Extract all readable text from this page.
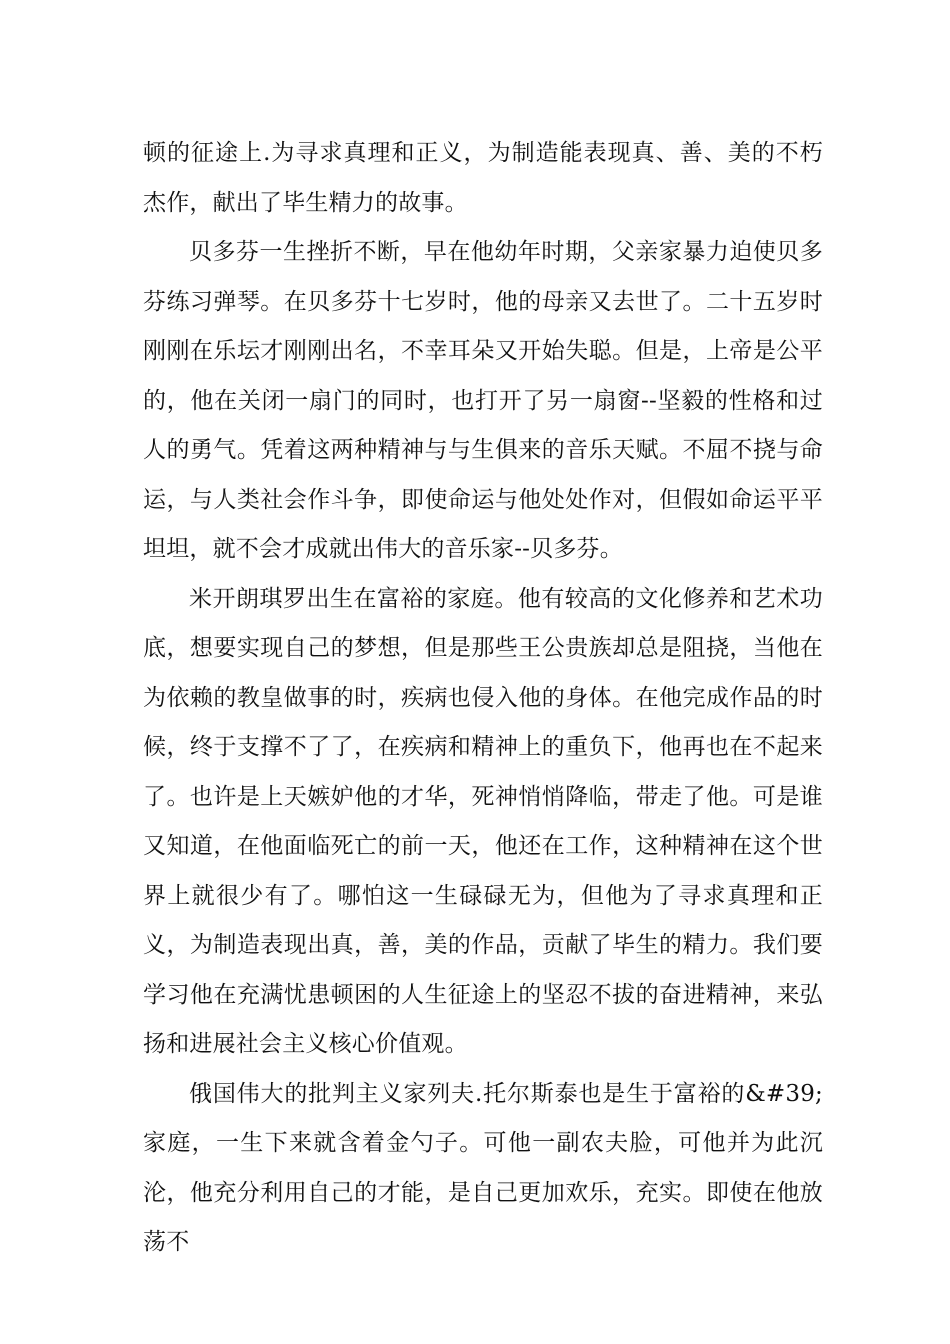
顿的征途上.为寻求真理和正义，为制造能表现真、善、美的不朽杰作，献出了毕生精力的故事。

贝多芬一生挫折不断，早在他幼年时期，父亲家暴力迫使贝多芬练习弹琴。在贝多芬十七岁时，他的母亲又去世了。二十五岁时刚刚在乐坛才刚刚出名，不幸耳朵又开始失聪。但是，上帝是公平的，他在关闭一扇门的同时，也打开了另一扇窗--坚毅的性格和过人的勇气。凭着这两种精神与与生俱来的音乐天赋。不屈不挠与命运，与人类社会作斗争，即使命运与他处处作对，但假如命运平平坦坦，就不会才成就出伟大的音乐家--贝多芬。

米开朗琪罗出生在富裕的家庭。他有较高的文化修养和艺术功底，想要实现自己的梦想，但是那些王公贵族却总是阻挠，当他在为依赖的教皇做事的时，疾病也侵入他的身体。在他完成作品的时候，终于支撑不了了，在疾病和精神上的重负下，他再也在不起来了。也许是上天嫉妒他的才华，死神悄悄降临，带走了他。可是谁又知道，在他面临死亡的前一天，他还在工作，这种精神在这个世界上就很少有了。哪怕这一生碌碌无为，但他为了寻求真理和正义，为制造表现出真，善，美的作品，贡献了毕生的精力。我们要学习他在充满忧患顿困的人生征途上的坚忍不拔的奋进精神，来弘扬和进展社会主义核心价值观。

俄国伟大的批判主义家列夫.托尔斯泰也是生于富裕的&#39;家庭，一生下来就含着金勺子。可他一副农夫脸，可他并为此沉沦，他充分利用自己的才能，是自己更加欢乐，充实。即使在他放荡不
